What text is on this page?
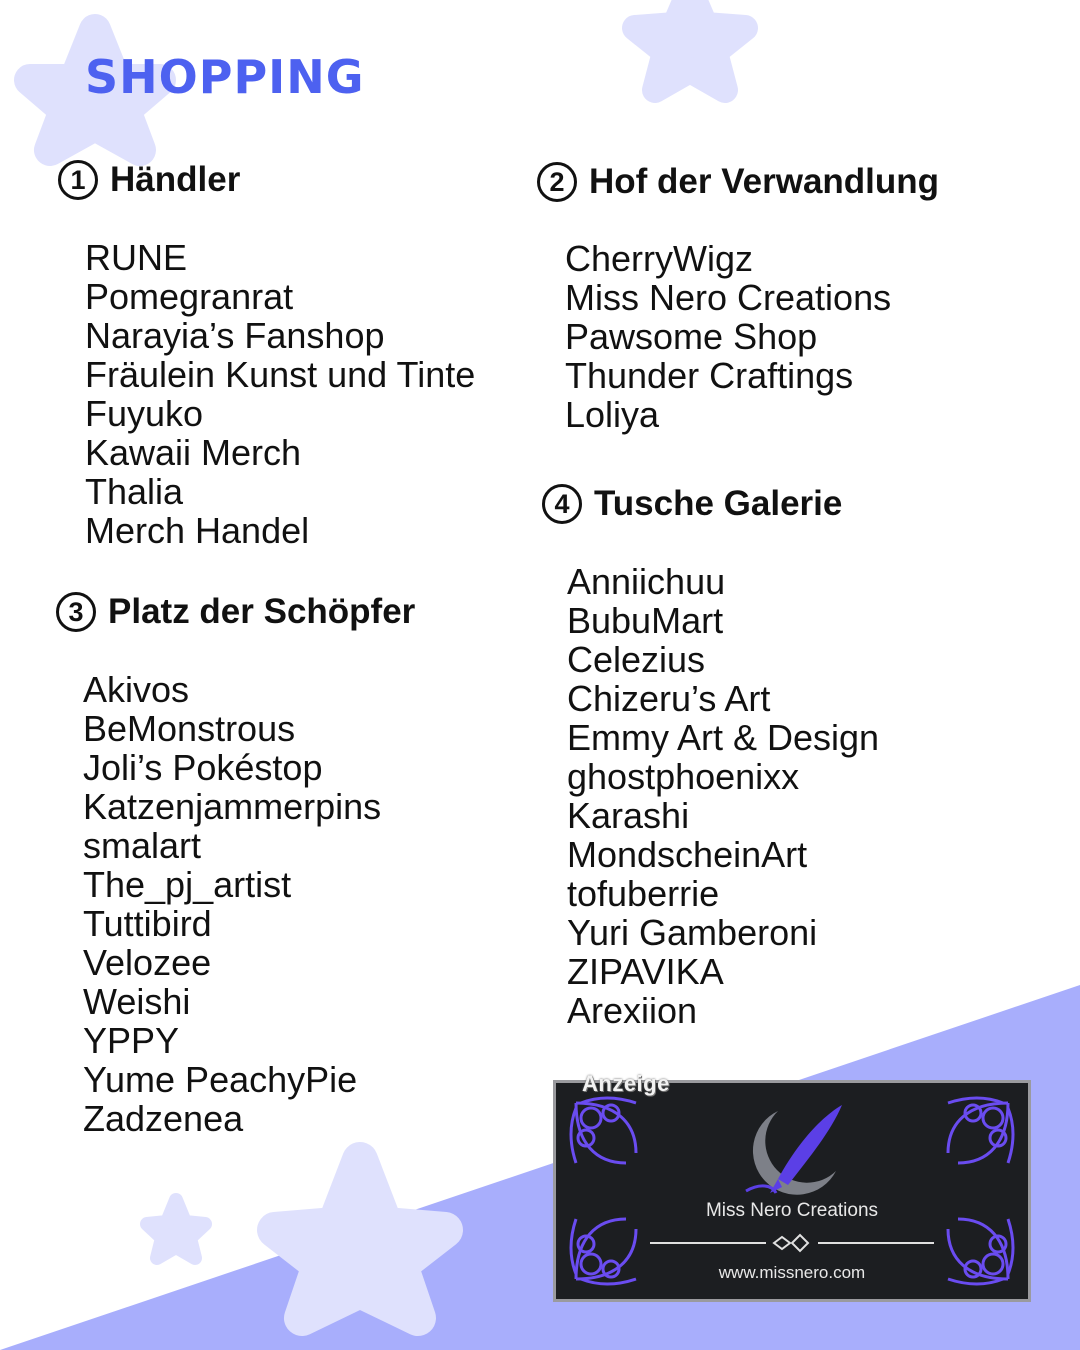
SHOPPING
1 Händler
RUNE
Pomegranrat
Narayia’s Fanshop
Fräulein Kunst und Tinte
Fuyuko
Kawaii Merch
Thalia
Merch Handel
2 Hof der Verwandlung
CherryWigz
Miss Nero Creations
Pawsome Shop
Thunder Craftings
Loliya
3 Platz der Schöpfer
Akivos
BeMonstrous
Joli’s Pokéstop
Katzenjammerpins
smalart
The_pj_artist
Tuttibird
Velozee
Weishi
YPPY
Yume PeachyPie
Zadzenea
4 Tusche Galerie
Anniichuu
BubuMart
Celezius
Chizeru’s Art
Emmy Art & Design
ghostphoenixx
Karashi
MondscheinArt
tofuberrie
Yuri Gamberoni
ZIPAVIKA
Arexiion
Anzeige
Miss Nero Creations
www.missnero.com
